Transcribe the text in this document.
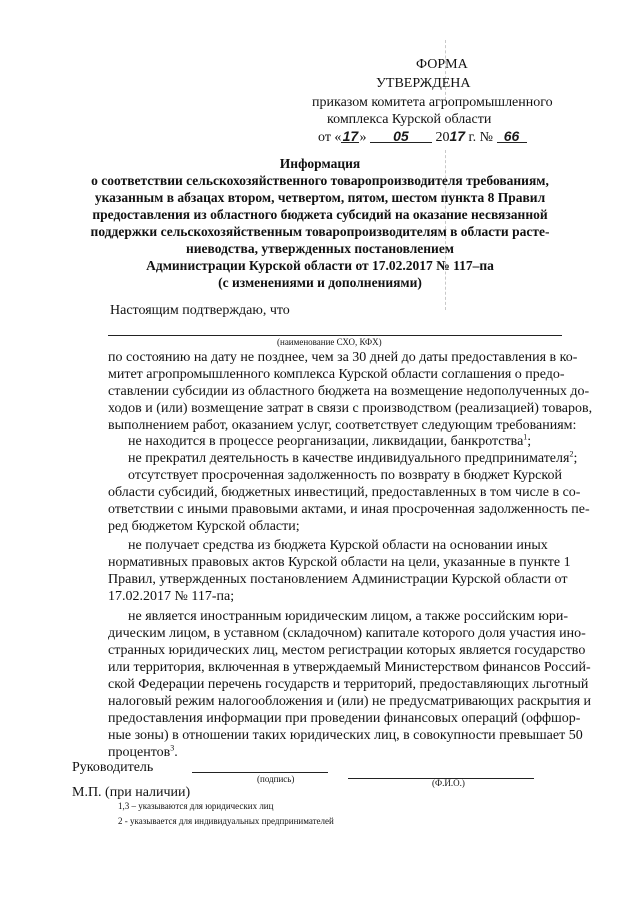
ФОРМА
УТВЕРЖДЕНА
приказом комитета агропромышленного
комплекса Курской области
от «17» 05 2017 г. № 66
Информация
о соответствии сельскохозяйственного товаропроизводителя требованиям,
указанным в абзацах втором, четвертом, пятом, шестом пункта 8 Правил
предоставления из областного бюджета субсидий на оказание несвязанной
поддержки сельскохозяйственным товаропроизводителям в области расте-
ниеводства, утвержденных постановлением
Администрации Курской области от 17.02.2017 № 117–па
(с изменениями и дополнениями)
Настоящим подтверждаю, что
(наименование СХО, КФХ)
по состоянию на дату не позднее, чем за 30 дней до даты предоставления в ко-
митет агропромышленного комплекса Курской области соглашения о предо-
ставлении субсидии из областного бюджета на возмещение недополученных до-
ходов и (или) возмещение затрат в связи с производством (реализацией) товаров,
выполнением работ, оказанием услуг, соответствует следующим требованиям:
не находится в процессе реорганизации, ликвидации, банкротства$^1$;
не прекратил деятельность в качестве индивидуального предпринимателя$^2$;
отсутствует просроченная задолженность по возврату в бюджет Курской
области субсидий, бюджетных инвестиций, предоставленных в том числе в со-
ответствии с иными правовыми актами, и иная просроченная задолженность пе-
ред бюджетом Курской области;
не получает средства из бюджета Курской области на основании иных
нормативных правовых актов Курской области на цели, указанные в пункте 1
Правил, утвержденных постановлением Администрации Курской области от
17.02.2017 № 117-па;
не является иностранным юридическим лицом, а также российским юри-
дическим лицом, в уставном (складочном) капитале которого доля участия ино-
странных юридических лиц, местом регистрации которых является государство
или территория, включенная в утверждаемый Министерством финансов Россий-
ской Федерации перечень государств и территорий, предоставляющих льготный
налоговый режим налогообложения и (или) не предусматривающих раскрытия и
предоставления информации при проведении финансовых операций (оффшор-
ные зоны) в отношении таких юридических лиц, в совокупности превышает 50
процентов$^3$.
Руководитель
(подпись)	(Ф.И.О.)
М.П. (при наличии)
1,3 – указываются для юридических лиц
2 - указывается для индивидуальных предпринимателей
